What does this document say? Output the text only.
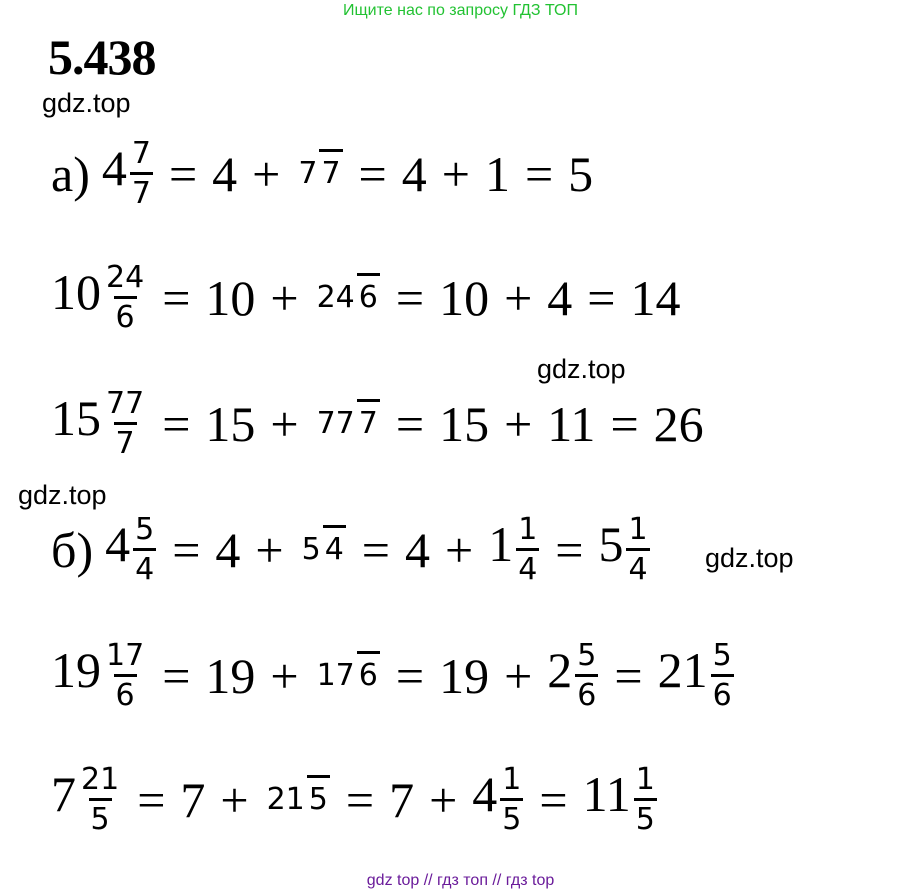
Ищите нас по запросу ГДЗ ТОП
5.438
gdz.top
gdz.top
gdz.top
gdz.top
а) $4 \frac{7}{7} = 4 + 7$ 7 = 4 + 1 = 5
$10 \frac{24}{6} = 10 + 24$ 6 = 10 + 4 = 14
$15 \frac{77}{7} = 15 + 77$ 7 = 15 + 11 = 26
б) $4 \frac{5}{4} = 4 + 5$ $4 = 4 + 1 \frac{1}{4} = 5 \frac{1}{4}$
$19 \frac{17}{6} = 19 + 17$ $6 = 19 + 2 \frac{5}{6} = 21 \frac{5}{6}$
$7 \frac{21}{5} = 7 + 21$ $5 = 7 + 4 \frac{1}{5} = 11 \frac{1}{5}$
gdz top // гдз топ // гдз top
